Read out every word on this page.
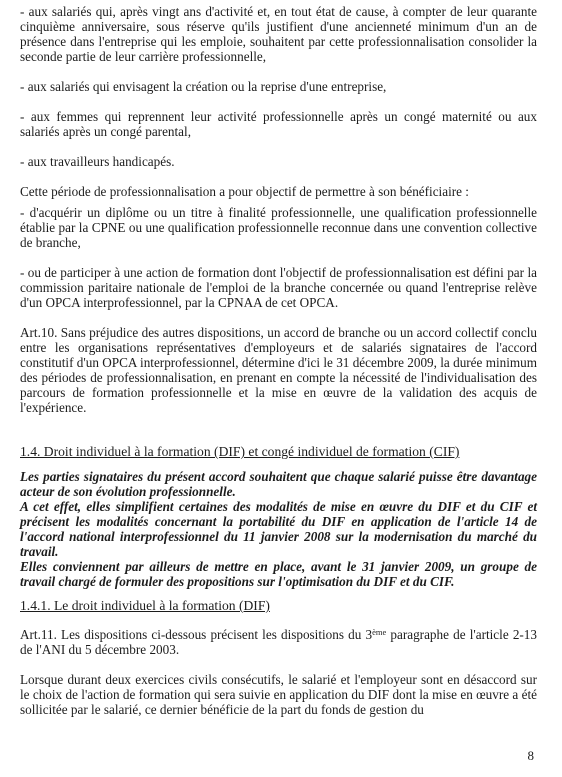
- aux salariés qui, après vingt ans d'activité et, en tout état de cause, à compter de leur quarante cinquième anniversaire, sous réserve qu'ils justifient d'une ancienneté minimum d'un an de présence dans l'entreprise qui les emploie, souhaitent par cette professionnalisation consolider la seconde partie de leur carrière professionnelle,

- aux salariés qui envisagent la création ou la reprise d'une entreprise,

- aux femmes qui reprennent leur activité professionnelle après un congé maternité ou aux salariés après un congé parental,

- aux travailleurs handicapés.

Cette période de professionnalisation a pour objectif de permettre à son bénéficiaire :

- d'acquérir un diplôme ou un titre à finalité professionnelle, une qualification professionnelle établie par la CPNE ou une qualification professionnelle reconnue dans une convention collective de branche,

- ou de participer à une action de formation dont l'objectif de professionnalisation est défini par la commission paritaire nationale de l'emploi de la branche concernée ou quand l'entreprise relève d'un OPCA interprofessionnel, par la CPNAA de cet OPCA.

Art.10. Sans préjudice des autres dispositions, un accord de branche ou un accord collectif conclu entre les organisations représentatives d'employeurs et de salariés signataires de l'accord constitutif d'un OPCA interprofessionnel, détermine d'ici le 31 décembre 2009, la durée minimum des périodes de professionnalisation, en prenant en compte la nécessité de l'individualisation des parcours de formation professionnelle et la mise en œuvre de la validation des acquis de l'expérience.

1.4. Droit individuel à la formation (DIF) et congé individuel de formation (CIF)

Les parties signataires du présent accord souhaitent que chaque salarié puisse être davantage acteur de son évolution professionnelle.

A cet effet, elles simplifient certaines des modalités de mise en œuvre du DIF et du CIF et précisent les modalités concernant la portabilité du DIF en application de l'article 14 de l'accord national interprofessionnel du 11 janvier 2008 sur la modernisation du marché du travail.

Elles conviennent par ailleurs de mettre en place, avant le 31 janvier 2009, un groupe de travail chargé de formuler des propositions sur l'optimisation du DIF et du CIF.

1.4.1. Le droit individuel à la formation (DIF)

Art.11. Les dispositions ci-dessous précisent les dispositions du 3ème paragraphe de l'article 2-13 de l'ANI du 5 décembre 2003.

Lorsque durant deux exercices civils consécutifs, le salarié et l'employeur sont en désaccord sur le choix de l'action de formation qui sera suivie en application du DIF dont la mise en œuvre a été sollicitée par le salarié, ce dernier bénéficie de la part du fonds de gestion du

8
